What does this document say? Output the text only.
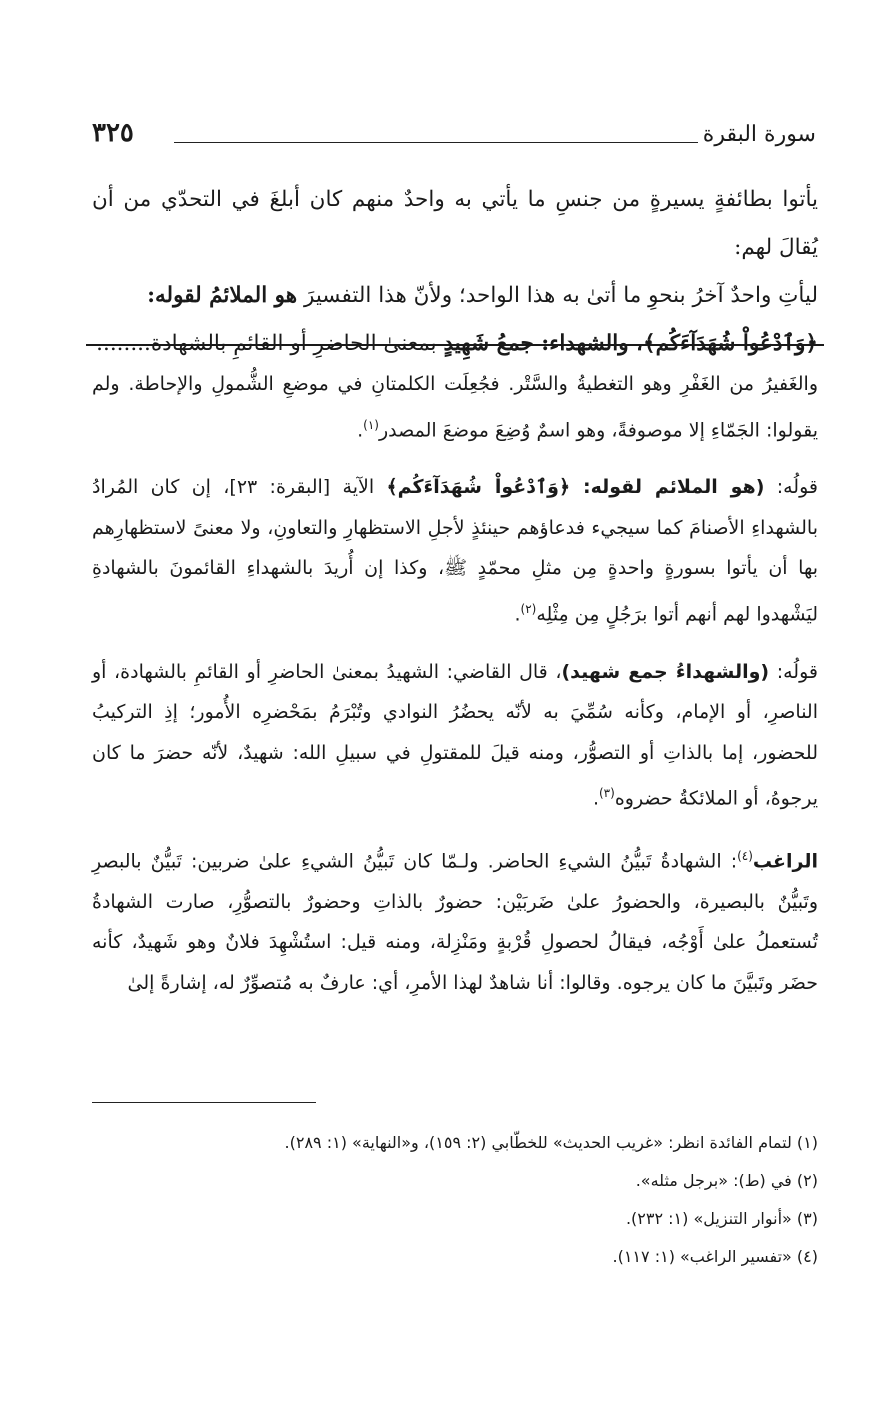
سورة البقرة
٣٢٥

يأتوا بطائفةٍ يسيرةٍ من جنسِ ما يأتي به واحدٌ منهم كان أبلغَ في التحدّي من أن يُقالَ لهم:

ليأتِ واحدٌ آخرُ بنحوِ ما أتىٰ به هذا الواحد؛ ولأنّ هذا التفسيرَ هو الملائمُ لقوله:

﴿وَٱدْعُواْ شُهَدَآءَكُم﴾، والشهداء: جمعُ شَهِيدٍ بمعنىٰ الحاضرِ أو القائمِ بالشهادة........

والغَفيرُ من الغَفْرِ وهو التغطيةُ والسَّتْر. فجُعِلَت الكلمتانِ في موضعِ الشُّمولِ والإحاطة. ولم يقولوا: الجَمّاءِ إلا موصوفةً، وهو اسمٌ وُضِعَ موضعَ المصدر$^{(١)}$.

قولُه: (هو الملائم لقوله: ﴿وَٱدْعُواْ شُهَدَآءَكُم﴾ الآية [البقرة: ٢٣]، إن كان المُرادُ بالشهداءِ الأصنامَ كما سيجيء فدعاؤهم حينئذٍ لأجلِ الاستظهارِ والتعاونِ، ولا معنىً لاستظهارِهم بها أن يأتوا بسورةٍ واحدةٍ مِن مثلِ محمّدٍ ﷺ، وكذا إن أُريدَ بالشهداءِ القائمونَ بالشهادةِ ليَشْهدوا لهم أنهم أتوا برَجُلٍ مِن مِثْلِه$^{(٢)}$.

قولُه: (والشهداءُ جمع شهيد)، قال القاضي: الشهيدُ بمعنىٰ الحاضرِ أو القائمِ بالشهادة، أو الناصرِ، أو الإمام، وكأنه سُمِّيَ به لأنّه يحضُرُ النوادي وتُبْرَمُ بمَحْضرِه الأُمور؛ إذِ التركيبُ للحضور، إما بالذاتِ أو التصوُّر، ومنه قيلَ للمقتولِ في سبيلِ الله: شهيدٌ، لأنّه حضرَ ما كان يرجوهُ، أو الملائكةُ حضروه$^{(٣)}$.

الراغب$^{(٤)}$: الشهادةُ تَبيُّنُ الشيءِ الحاضر. ولـمّا كان تَبيُّنُ الشيءِ علىٰ ضربين: تَبيُّنٌ بالبصرِ وتَبيُّنٌ بالبصيرة، والحضورُ علىٰ ضَربَيْن: حضورٌ بالذاتِ وحضورٌ بالتصوُّرِ، صارت الشهادةُ تُستعملُ علىٰ أَوْجُه، فيقالُ لحصولِ قُرْبةٍ ومَنْزِلة، ومنه قيل: استُشْهِدَ فلانٌ وهو شَهيدٌ، كأنه حضَر وتَبيَّنَ ما كان يرجوه. وقالوا: أنا شاهدٌ لهذا الأمرِ، أي: عارفٌ به مُتصوِّرٌ له، إشارةً إلىٰ

(١) لتمام الفائدة انظر: «غريب الحديث» للخطّابي (٢: ١٥٩)، و«النهاية» (١: ٢٨٩).
(٢) في (ط): «برجل مثله».
(٣) «أنوار التنزيل» (١: ٢٣٢).
(٤) «تفسير الراغب» (١: ١١٧).
